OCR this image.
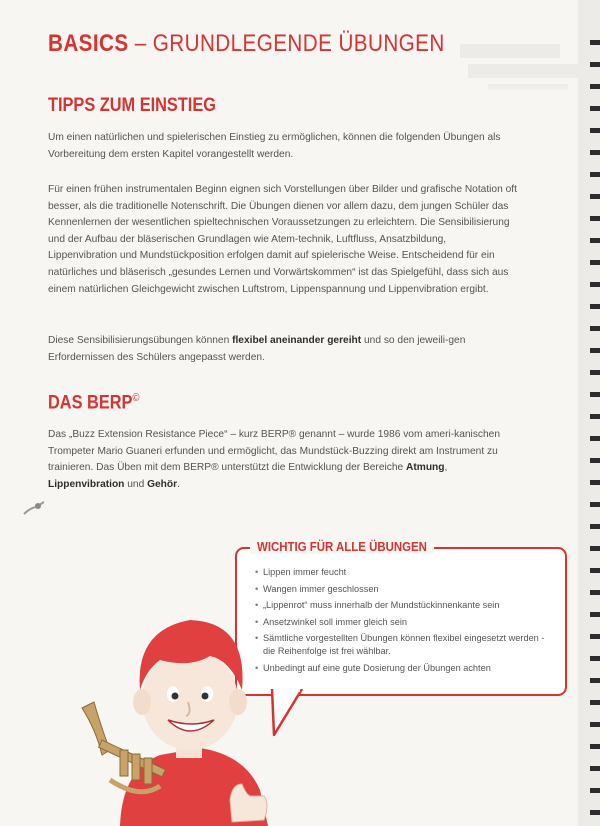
BASICS – GRUNDLEGENDE ÜBUNGEN
TIPPS ZUM EINSTIEG

Um einen natürlichen und spielerischen Einstieg zu ermöglichen, können die folgenden Übungen als Vorbereitung dem ersten Kapitel vorangestellt werden.

Für einen frühen instrumentalen Beginn eignen sich Vorstellungen über Bilder und grafische Notation oft besser, als die traditionelle Notenschrift. Die Übungen dienen vor allem dazu, dem jungen Schüler das Kennenlernen der wesentlichen spieltechnischen Voraussetzungen zu erleichtern. Die Sensibilisierung und der Aufbau der bläserischen Grundlagen wie Atem-technik, Luftfluss, Ansatzbildung, Lippenvibration und Mundstückposition erfolgen damit auf spielerische Weise. Entscheidend für ein natürliches und bläserisch „gesundes Lernen und Vorwärtskommen“ ist das Spielgefühl, dass sich aus einem natürlichen Gleichgewicht zwischen Luftstrom, Lippenspannung und Lippenvibration ergibt.

Diese Sensibilisierungsübungen können flexibel aneinander gereiht und so den jeweili-gen Erfordernissen des Schülers angepasst werden.

DAS BERP©

Das „Buzz Extension Resistance Piece“ – kurz BERP® genannt – wurde 1986 vom ameri-kanischen Trompeter Mario Guaneri erfunden und ermöglicht, das Mundstück-Buzzing direkt am Instrument zu trainieren. Das Üben mit dem BERP® unterstützt die Entwicklung der Bereiche Atmung, Lippenvibration und Gehör.

WICHTIG FÜR ALLE ÜBUNGEN
• Lippen immer feucht
• Wangen immer geschlossen
• „Lippenrot“ muss innerhalb der Mundstückinnenkante sein
• Ansetzwinkel soll immer gleich sein
• Sämtliche vorgestellten Übungen können flexibel eingesetzt werden - die Reihenfolge ist frei wählbar.
• Unbedingt auf eine gute Dosierung der Übungen achten
